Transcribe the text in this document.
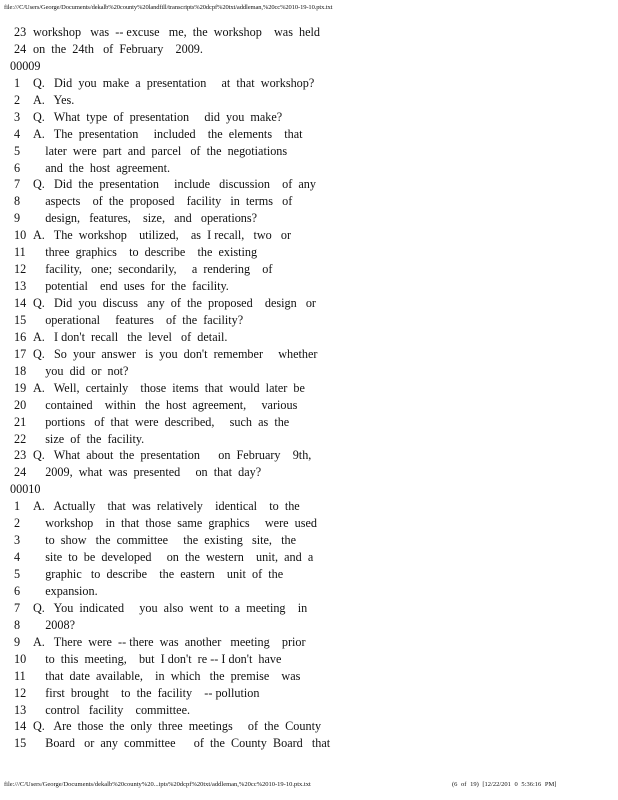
file:///C/Users/George/Documents/dekalb%20county%20landfill/transcripts%20dcpf%20txt/addleman,%20cc%2010-19-10.ptx.txt
23 workshop   was  -- excuse   me,  the  workshop    was  held
24 on  the  24th   of  February    2009.
00009
1	Q.   Did  you  make  a  presentation     at  that  workshop?
2	A.   Yes.
3	Q.   What  type  of  presentation     did  you  make?
4	A.   The  presentation     included    the  elements    that
5	later  were  part  and  parcel   of  the  negotiations
6	and  the  host  agreement.
7	Q.   Did  the  presentation     include   discussion    of  any
8	aspects    of  the  proposed    facility   in  terms   of
9	design,   features,    size,   and   operations?
10 A.   The  workshop    utilized,    as  I recall,   two   or
11 three  graphics    to  describe    the  existing
12 facility,   one;  secondarily,     a  rendering    of
13 potential    end  uses  for  the  facility.
14 Q.   Did  you  discuss   any  of  the  proposed    design   or
15 operational     features    of  the  facility?
16 A.   I don't  recall   the  level   of  detail.
17 Q.   So  your  answer   is  you  don't  remember     whether
18 you  did  or  not?
19 A.   Well,  certainly    those  items  that  would  later  be
20 contained    within   the  host  agreement,     various
21 portions   of  that  were  described,     such  as  the
22 size  of  the  facility.
23 Q.   What  about  the  presentation      on  February    9th,
24 2009,  what  was  presented     on  that  day?
00010
1	A.   Actually    that  was  relatively    identical    to  the
2	workshop    in  that  those  same  graphics     were  used
3	to  show   the  committee     the  existing   site,   the
4	site  to  be  developed     on  the  western    unit,  and  a
5	graphic   to  describe    the  eastern    unit  of  the
6	expansion.
7	Q.   You  indicated     you  also  went  to  a  meeting    in
8	2008?
9	A.   There  were  -- there  was  another   meeting    prior
10 to  this  meeting,    but  I don't  re -- I don't  have
11 that  date  available,    in  which   the  premise    was
12 first  brought    to  the  facility    -- pollution
13 control   facility    committee.
14 Q.   Are  those  the  only  three  meetings     of  the  County
15 Board   or  any  committee      of  the  County  Board   that
file:///C/Users/George/Documents/dekalb%20county%20...ipts%20dcpf%20txt/addleman,%20cc%2010-19-10.ptx.txt	(6 of 19) [12/22/201 0 5:36:16 PM]
